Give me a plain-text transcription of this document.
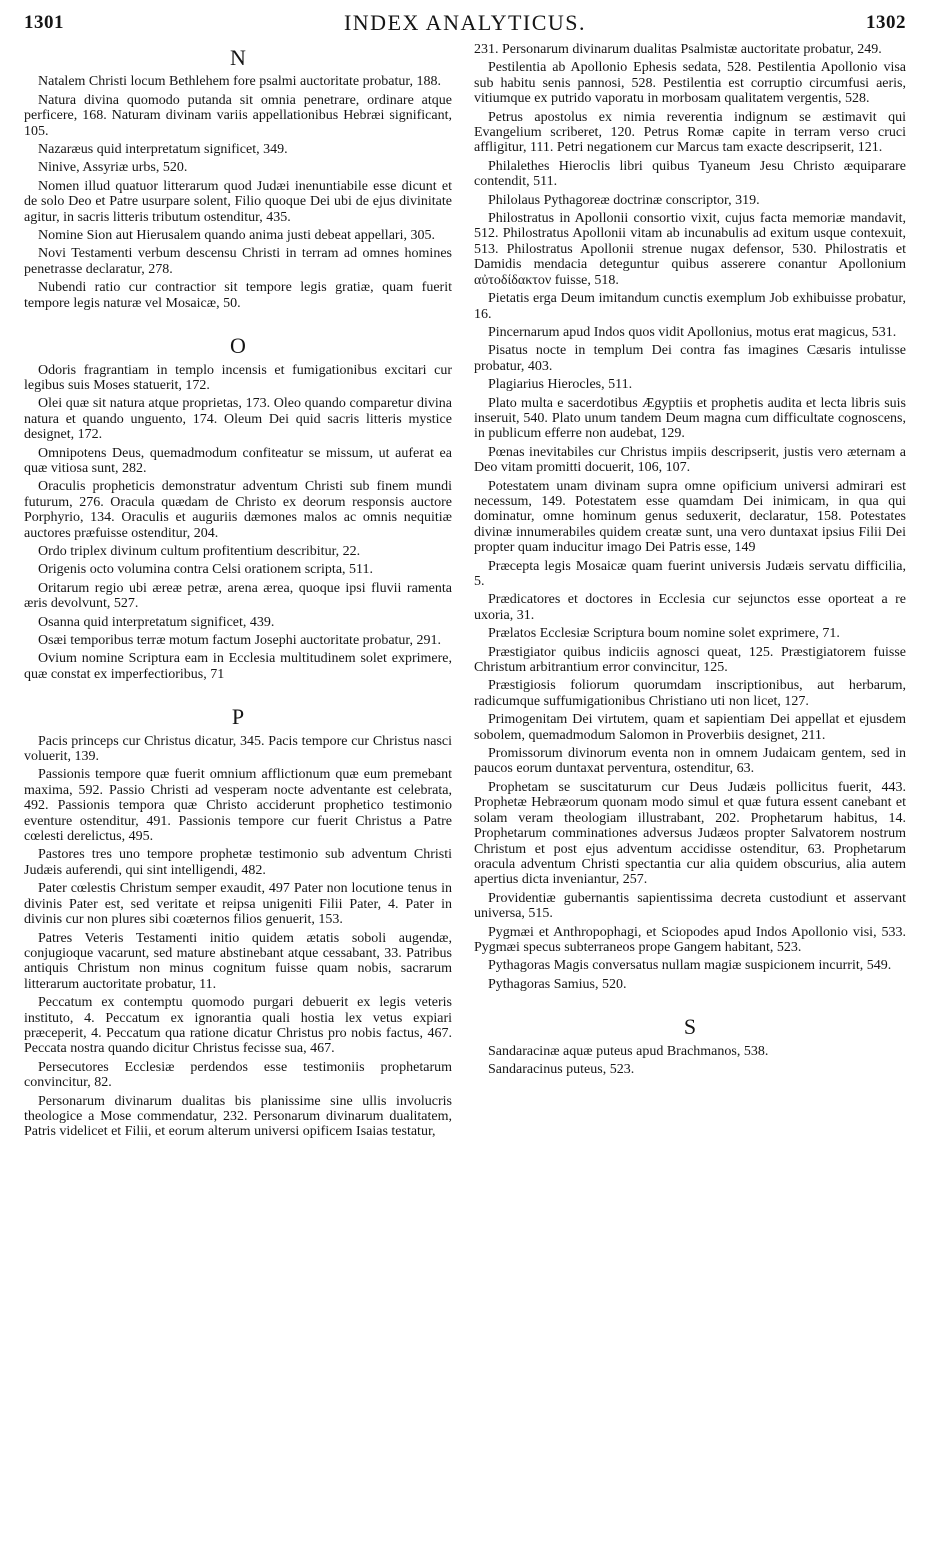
1301	INDEX ANALYTICUS.	1302
N

Natalem Christi locum Bethlehem fore psalmi auctoritate probatur, 188.

Natura divina quomodo putanda sit omnia penetrare, ordinare atque perficere, 168. Naturam divinam variis appellationibus Hebræi significant, 105.

Nazaræus quid interpretatum significet, 349.

Ninive, Assyriæ urbs, 520.

Nomen illud quatuor litterarum quod Judæi inenuntiabile esse dicunt et de solo Deo et Patre usurpare solent, Filio quoque Dei ubi de ejus divinitate agitur, in sacris litteris tributum ostenditur, 435.

Nomine Sion aut Hierusalem quando anima justi debeat appellari, 305.

Novi Testamenti verbum descensu Christi in terram ad omnes homines penetrasse declaratur, 278.

Nubendi ratio cur contractior sit tempore legis gratiæ, quam fuerit tempore legis naturæ vel Mosaicæ, 50.

O

Odoris fragrantiam in templo incensis et fumigationibus excitari cur legibus suis Moses statuerit, 172.

Olei quæ sit natura atque proprietas, 173. Oleo quando comparetur divina natura et quando unguento, 174. Oleum Dei quid sacris litteris mystice designet, 172.

Omnipotens Deus, quemadmodum confiteatur se missum, ut auferat ea quæ vitiosa sunt, 282.

Oraculis propheticis demonstratur adventum Christi sub finem mundi futurum, 276. Oracula quædam de Christo ex deorum responsis auctore Porphyrio, 134. Oraculis et auguriis dæmones malos ac omnis nequitiæ auctores præfuisse ostenditur, 204.

Ordo triplex divinum cultum profitentium describitur, 22.

Origenis octo volumina contra Celsi orationem scripta, 511.

Oritarum regio ubi æreæ petræ, arena ærea, quoque ipsi fluvii ramenta æris devolvunt, 527.

Osanna quid interpretatum significet, 439.

Osæi temporibus terræ motum factum Josephi auctoritate probatur, 291.

Ovium nomine Scriptura eam in Ecclesia multitudinem solet exprimere, quæ constat ex imperfectioribus, 71

P

Pacis princeps cur Christus dicatur, 345. Pacis tempore cur Christus nasci voluerit, 139.

Passionis tempore quæ fuerit omnium afflictionum quæ eum premebant maxima, 592. Passio Christi ad vesperam nocte adventante est celebrata, 492. Passionis tempora quæ Christo acciderunt prophetico testimonio eventure ostenditur, 491. Passionis tempore cur fuerit Christus a Patre cœlesti derelictus, 495.

Pastores tres uno tempore prophetæ testimonio sub adventum Christi Judæis auferendi, qui sint intelligendi, 482.

Pater cœlestis Christum semper exaudit, 497 Pater non locutione tenus in divinis Pater est, sed veritate et reipsa unigeniti Filii Pater, 4. Pater in divinis cur non plures sibi coæternos filios genuerit, 153.

Patres Veteris Testamenti initio quidem ætatis soboli augendæ, conjugioque vacarunt, sed mature abstinebant atque cessabant, 33. Patribus antiquis Christum non minus cognitum fuisse quam nobis, sacrarum litterarum auctoritate probatur, 11.

Peccatum ex contemptu quomodo purgari debuerit ex legis veteris instituto, 4. Peccatum ex ignorantia quali hostia lex vetus expiari præceperit, 4. Peccatum qua ratione dicatur Christus pro nobis factus, 467. Peccata nostra quando dicitur Christus fecisse sua, 467.

Persecutores Ecclesiæ perdendos esse testimoniis prophetarum convincitur, 82.

Personarum divinarum dualitas bis planissime sine ullis involucris theologice a Mose commendatur, 232. Personarum divinarum dualitatem, Patris videlicet et Filii, et eorum alterum universi opificem Isaias testatur,

231. Personarum divinarum dualitas Psalmistæ auctoritate probatur, 249.

Pestilentia ab Apollonio Ephesis sedata, 528. Pestilentia Apollonio visa sub habitu senis pannosi, 528. Pestilentia est corruptio circumfusi aeris, vitiumque ex putrido vaporatu in morbosam qualitatem vergentis, 528.

Petrus apostolus ex nimia reverentia indignum se æstimavit qui Evangelium scriberet, 120. Petrus Romæ capite in terram verso cruci affligitur, 111. Petri negationem cur Marcus tam exacte descripserit, 121.

Philalethes Hieroclis libri quibus Tyaneum Jesu Christo æquiparare contendit, 511.

Philolaus Pythagoreæ doctrinæ conscriptor, 319.

Philostratus in Apollonii consortio vixit, cujus facta memoriæ mandavit, 512. Philostratus Apollonii vitam ab incunabulis ad exitum usque contexuit, 513. Philostratus Apollonii strenue nugax defensor, 530. Philostratis et Damidis mendacia deteguntur quibus asserere conantur Apollonium αὐτοδίδακτον fuisse, 518.

Pietatis erga Deum imitandum cunctis exemplum Job exhibuisse probatur, 16.

Pincernarum apud Indos quos vidit Apollonius, motus erat magicus, 531.

Pisatus nocte in templum Dei contra fas imagines Cæsaris intulisse probatur, 403.

Plagiarius Hierocles, 511.

Plato multa e sacerdotibus Ægyptiis et prophetis audita et lecta libris suis inseruit, 540. Plato unum tandem Deum magna cum difficultate cognoscens, in publicum efferre non audebat, 129.

Pœnas inevitabiles cur Christus impiis descripserit, justis vero æternam a Deo vitam promitti docuerit, 106, 107.

Potestatem unam divinam supra omne opificium universi admirari est necessum, 149. Potestatem esse quamdam Dei inimicam, in qua qui dominatur, omne hominum genus seduxerit, declaratur, 158. Potestates divinæ innumerabiles quidem creatæ sunt, una vero duntaxat ipsius Filii Dei propter quam inducitur imago Dei Patris esse, 149

Præcepta legis Mosaicæ quam fuerint universis Judæis servatu difficilia, 5.

Prædicatores et doctores in Ecclesia cur sejunctos esse oporteat a re uxoria, 31.

Prælatos Ecclesiæ Scriptura boum nomine solet exprimere, 71.

Præstigiator quibus indiciis agnosci queat, 125. Præstigiatorem fuisse Christum arbitrantium error convincitur, 125.

Præstigiosis foliorum quorumdam inscriptionibus, aut herbarum, radicumque suffumigationibus Christiano uti non licet, 127.

Primogenitam Dei virtutem, quam et sapientiam Dei appellat et ejusdem sobolem, quemadmodum Salomon in Proverbiis designet, 211.

Promissorum divinorum eventa non in omnem Judaicam gentem, sed in paucos eorum duntaxat perventura, ostenditur, 63.

Prophetam se suscitaturum cur Deus Judæis pollicitus fuerit, 443. Prophetæ Hebræorum quonam modo simul et quæ futura essent canebant et solam veram theologiam illustrabant, 202. Prophetarum habitus, 14. Prophetarum comminationes adversus Judæos propter Salvatorem nostrum Christum et post ejus adventum accidisse ostenditur, 63. Prophetarum oracula adventum Christi spectantia cur alia quidem obscurius, alia autem apertius dicta inveniantur, 257.

Providentiæ gubernantis sapientissima decreta custodiunt et asservant universa, 515.

Pygmæi et Anthropophagi, et Sciopodes apud Indos Apollonio visi, 533. Pygmæi specus subterraneos prope Gangem habitant, 523.

Pythagoras Magis conversatus nullam magiæ suspicionem incurrit, 549.

Pythagoras Samius, 520.

S

Sandaracinæ aquæ puteus apud Brachmanos, 538.

Sandaracinus puteus, 523.
